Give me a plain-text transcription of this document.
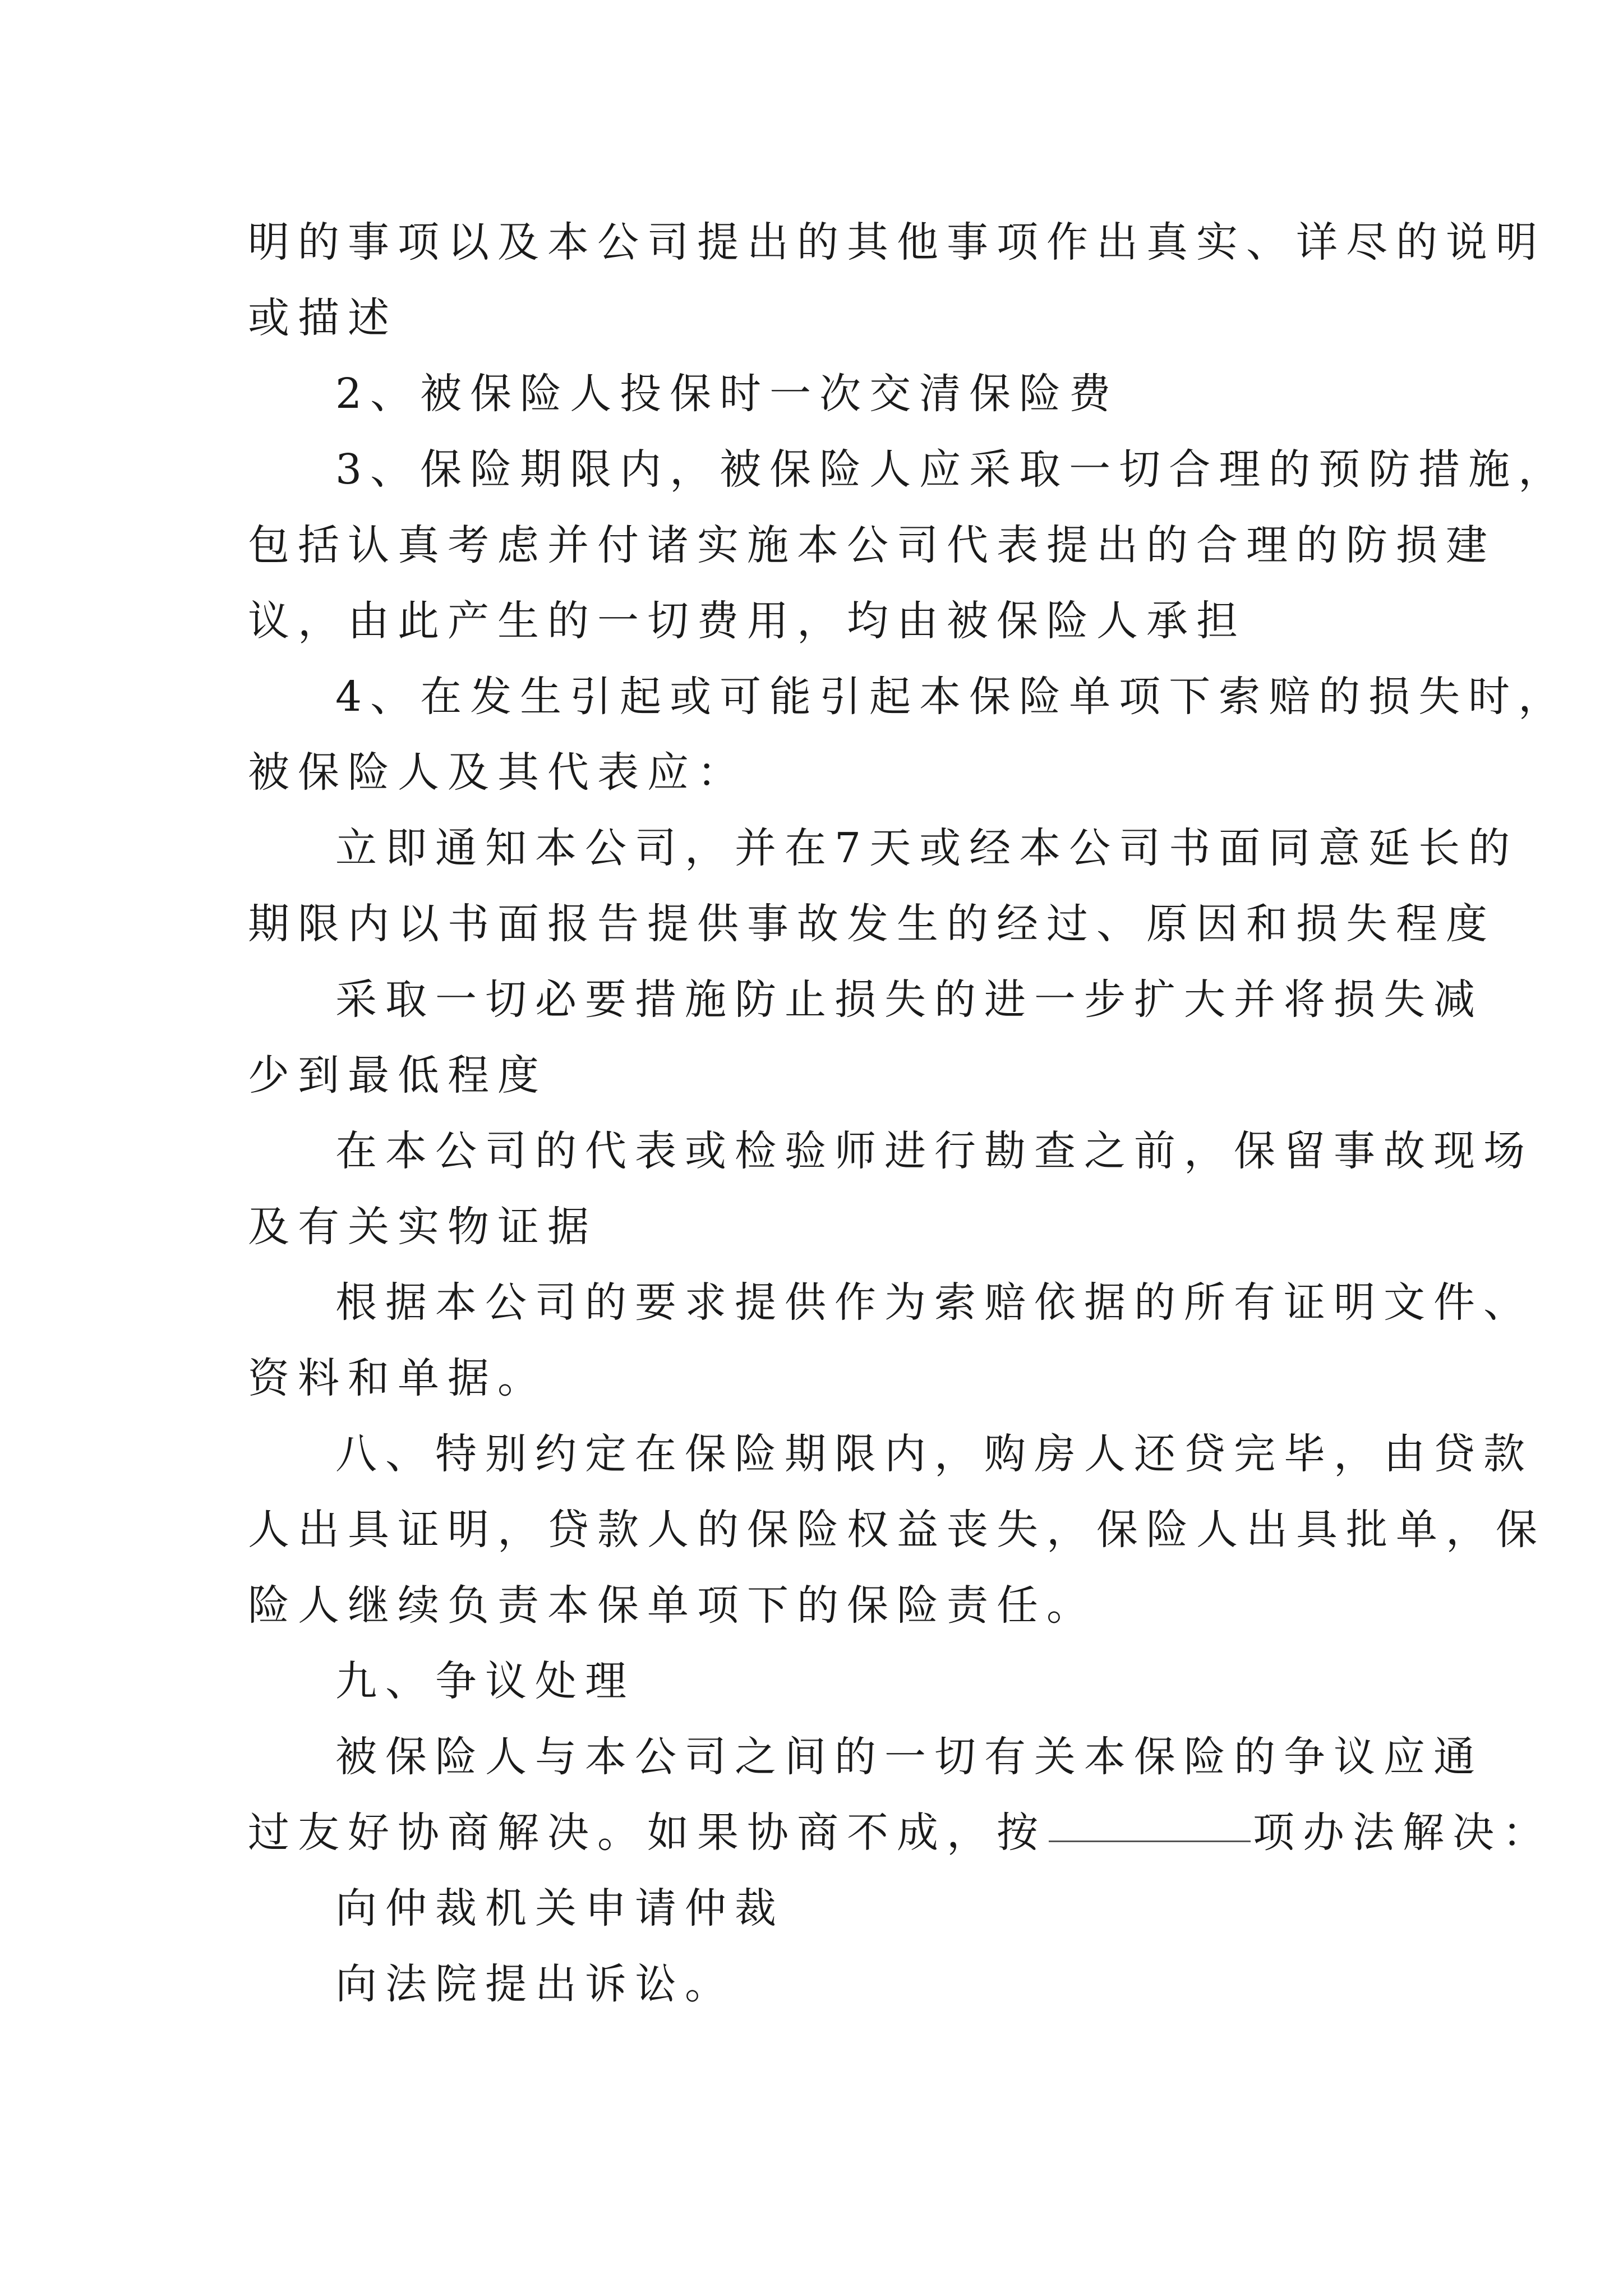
明的事项以及本公司提出的其他事项作出真实、详尽的说明
或描述
2、被保险人投保时一次交清保险费
3、保险期限内，被保险人应采取一切合理的预防措施，
包括认真考虑并付诸实施本公司代表提出的合理的防损建
议，由此产生的一切费用，均由被保险人承担
4、在发生引起或可能引起本保险单项下索赔的损失时，
被保险人及其代表应：
立即通知本公司，并在7天或经本公司书面同意延长的
期限内以书面报告提供事故发生的经过、原因和损失程度
采取一切必要措施防止损失的进一步扩大并将损失减
少到最低程度
在本公司的代表或检验师进行勘查之前，保留事故现场
及有关实物证据
根据本公司的要求提供作为索赔依据的所有证明文件、
资料和单据。
八、特别约定在保险期限内，购房人还贷完毕，由贷款
人出具证明，贷款人的保险权益丧失，保险人出具批单，保
险人继续负责本保单项下的保险责任。
九、争议处理
被保险人与本公司之间的一切有关本保险的争议应通
过友好协商解决。如果协商不成，按	项办法解决：
向仲裁机关申请仲裁
向法院提出诉讼。
